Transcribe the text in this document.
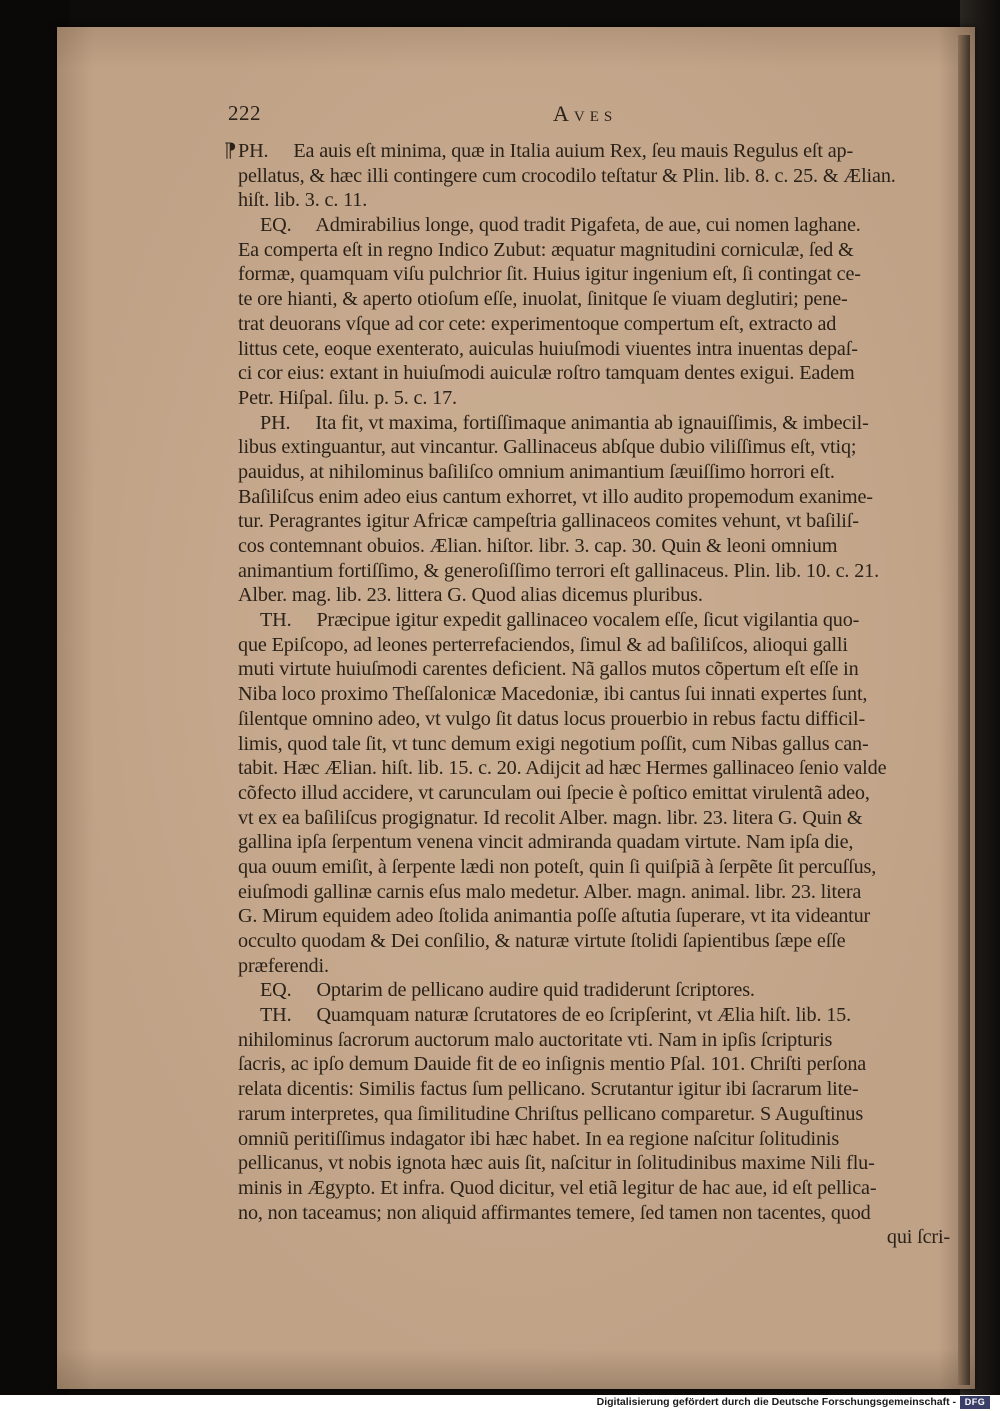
222	Aves
⁋ PH.  Ea auis eſt minima, quæ in Italia auium Rex, ſeu mauis Regulus eſt ap-
pellatus, & hæc illi contingere cum crocodilo teſtatur & Plin. lib. 8. c. 25. & Ælian.
hiſt. lib. 3. c. 11.
EQ.  Admirabilius longe, quod tradit Pigafeta, de aue, cui nomen laghane.
Ea comperta eſt in regno Indico Zubut: æquatur magnitudini corniculæ, ſed &
formæ, quamquam viſu pulchrior ſit. Huius igitur ingenium eſt, ſi contingat ce-
te ore hianti, & aperto otioſum eſſe, inuolat, ſinitque ſe viuam deglutiri; pene-
trat deuorans vſque ad cor cete: experimentoque compertum eſt, extracto ad
littus cete, eoque exenterato, auiculas huiuſmodi viuentes intra inuentas depaſ-
ci cor eius: extant in huiuſmodi auiculæ roſtro tamquam dentes exigui. Eadem
Petr. Hiſpal. ſilu. p. 5. c. 17.
PH.  Ita fit, vt maxima, fortiſſimaque animantia ab ignauiſſimis, & imbecil-
libus extinguantur, aut vincantur. Gallinaceus abſque dubio viliſſimus eſt, vtiq;
pauidus, at nihilominus baſiliſco omnium animantium ſæuiſſimo horrori eſt.
Baſiliſcus enim adeo eius cantum exhorret, vt illo audito propemodum exanime-
tur. Peragrantes igitur Africæ campeſtria gallinaceos comites vehunt, vt baſiliſ-
cos contemnant obuios. Ælian. hiſtor. libr. 3. cap. 30. Quin & leoni omnium
animantium fortiſſimo, & generoſiſſimo terrori eſt gallinaceus. Plin. lib. 10. c. 21.
Alber. mag. lib. 23. littera G. Quod alias dicemus pluribus.
TH.  Præcipue igitur expedit gallinaceo vocalem eſſe, ſicut vigilantia quo-
que Epiſcopo, ad leones perterrefaciendos, ſimul & ad baſiliſcos, alioqui galli
muti virtute huiuſmodi carentes deficient. Nã gallos mutos cõpertum eſt eſſe in
Niba loco proximo Theſſalonicæ Macedoniæ, ibi cantus ſui innati expertes ſunt,
ſilentque omnino adeo, vt vulgo ſit datus locus prouerbio in rebus factu difficil-
limis, quod tale ſit, vt tunc demum exigi negotium poſſit, cum Nibas gallus can-
tabit. Hæc Ælian. hiſt. lib. 15. c. 20. Adijcit ad hæc Hermes gallinaceo ſenio valde
cõfecto illud accidere, vt carunculam oui ſpecie è poſtico emittat virulentã adeo,
vt ex ea baſiliſcus progignatur. Id recolit Alber. magn. libr. 23. litera G. Quin &
gallina ipſa ſerpentum venena vincit admiranda quadam virtute. Nam ipſa die,
qua ouum emiſit, à ſerpente lædi non poteſt, quin ſi quiſpiã à ſerpẽte ſit percuſſus,
eiuſmodi gallinæ carnis eſus malo medetur. Alber. magn. animal. libr. 23. litera
G. Mirum equidem adeo ſtolida animantia poſſe aſtutia ſuperare, vt ita videantur
occulto quodam & Dei conſilio, & naturæ virtute ſtolidi ſapientibus ſæpe eſſe
præferendi.
EQ.  Optarim de pellicano audire quid tradiderunt ſcriptores.
TH.  Quamquam naturæ ſcrutatores de eo ſcripſerint, vt Ælia hiſt. lib. 15.
nihilominus ſacrorum auctorum malo auctoritate vti. Nam in ipſis ſcripturis
ſacris, ac ipſo demum Dauide fit de eo inſignis mentio Pſal. 101. Chriſti perſona
relata dicentis: Similis factus ſum pellicano. Scrutantur igitur ibi ſacrarum lite-
rarum interpretes, qua ſimilitudine Chriſtus pellicano comparetur. S Auguſtinus
omniũ peritiſſimus indagator ibi hæc habet. In ea regione naſcitur ſolitudinis
pellicanus, vt nobis ignota hæc auis ſit, naſcitur in ſolitudinibus maxime Nili flu-
minis in Ægypto. Et infra. Quod dicitur, vel etiã legitur de hac aue, id eſt pellica-
no, non taceamus; non aliquid affirmantes temere, ſed tamen non tacentes, quod
qui ſcri-
Digitalisierung gefördert durch die Deutsche Forschungsgemeinschaft - DFG
